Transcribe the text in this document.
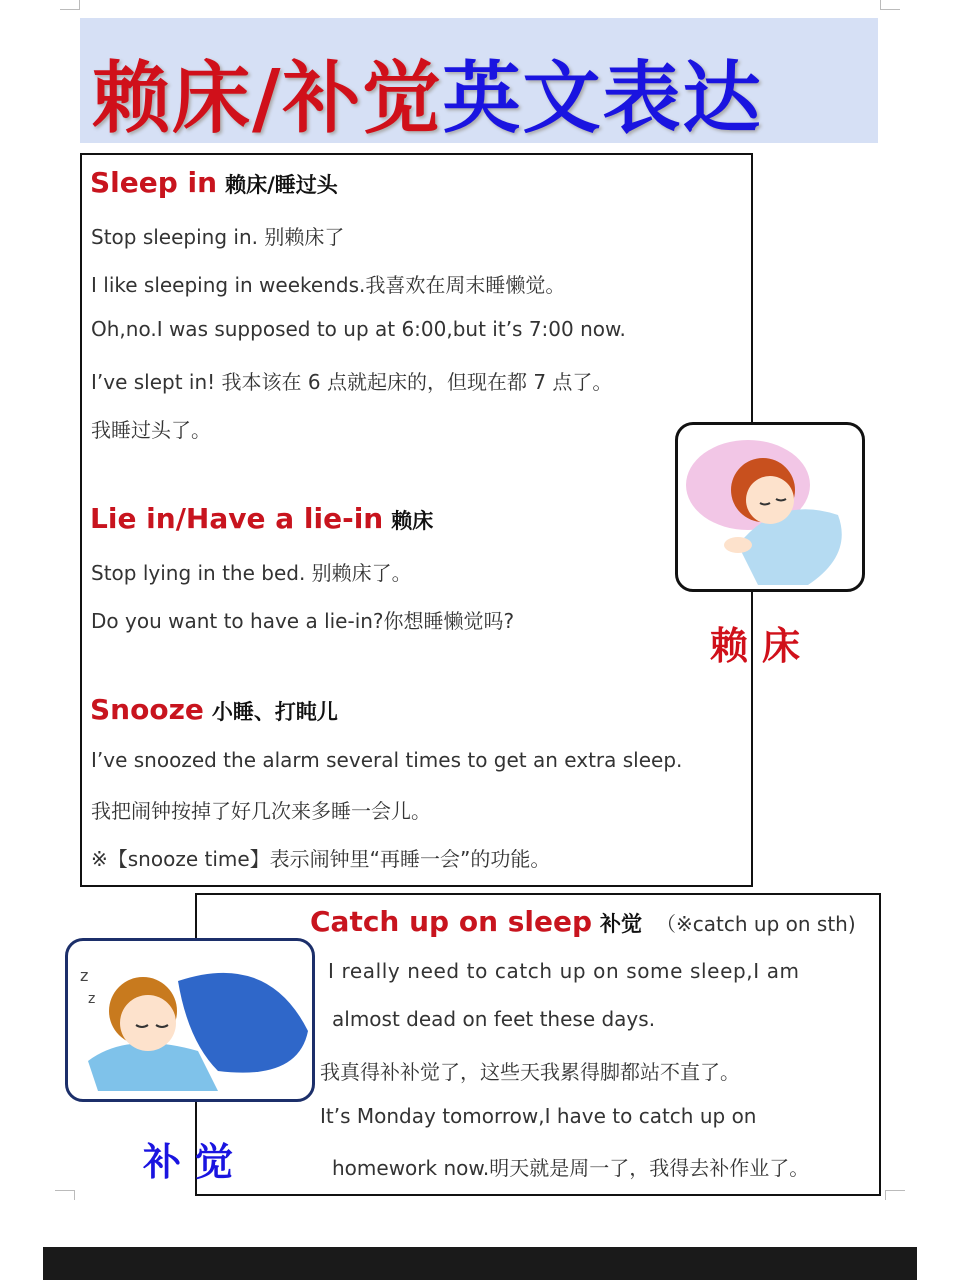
赖床/补觉英文表达
Sleep in 赖床/睡过头
Stop sleeping in. 别赖床了
I like sleeping in weekends.我喜欢在周末睡懒觉。
Oh,no.I was supposed to up at 6:00,but it’s 7:00 now.
I’ve slept in! 我本该在 6 点就起床的，但现在都 7 点了。
我睡过头了。
Lie in/Have a lie-in 赖床
Stop lying in the bed. 别赖床了。
Do you want to have a lie-in?你想睡懒觉吗?
Snooze 小睡、打盹儿
I’ve snoozed the alarm several times to get an extra sleep.
我把闹钟按掉了好几次来多睡一会儿。
※【snooze time】表示闹钟里“再睡一会”的功能。
赖床
Catch up on sleep 补觉 （※catch up on sth)
I really need to catch up on some sleep,I am
almost dead on feet these days.
我真得补补觉了，这些天我累得脚都站不直了。
It’s Monday tomorrow,I have to catch up on
homework now.明天就是周一了，我得去补作业了。
z
z
补觉
